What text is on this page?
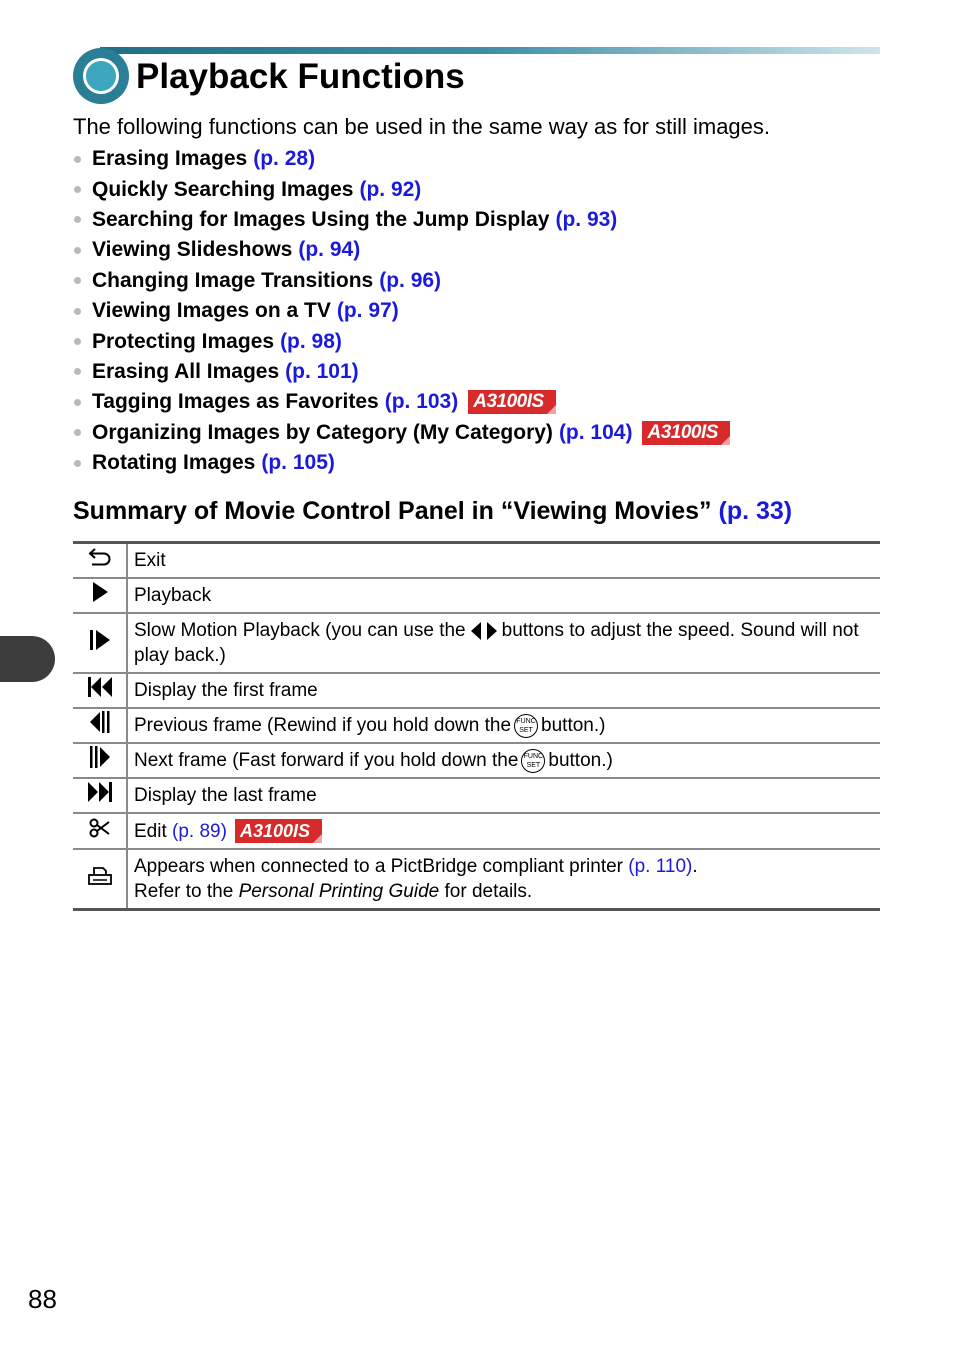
Playback Functions

The following functions can be used in the same way as for still images.

Erasing Images (p. 28)
Quickly Searching Images (p. 92)
Searching for Images Using the Jump Display (p. 93)
Viewing Slideshows (p. 94)
Changing Image Transitions (p. 96)
Viewing Images on a TV (p. 97)
Protecting Images (p. 98)
Erasing All Images (p. 101)
Tagging Images as Favorites (p. 103) A3100IS
Organizing Images by Category (My Category) (p. 104) A3100IS
Rotating Images (p. 105)
Summary of Movie Control Panel in “Viewing Movies” (p. 33)
	Exit
	Playback
	Slow Motion Playback (you can use the buttons to adjust the speed. Sound will not play back.)
	Display the first frame
	Previous frame (Rewind if you hold down the FUNC
SET button.)
	Next frame (Fast forward if you hold down the FUNC
SET button.)
	Display the last frame
	Edit (p. 89) A3100IS
	Appears when connected to a PictBridge compliant printer (p. 110).
Refer to the Personal Printing Guide for details.

88
